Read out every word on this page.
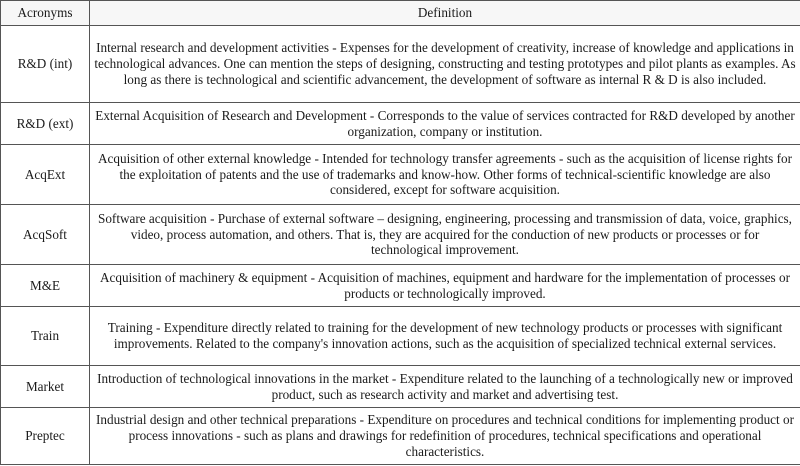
Acronyms	Definition
R&D (int)	Internal research and development activities - Expenses for the development of creativity, increase of knowledge and applications in technological advances. One can mention the steps of designing, constructing and testing prototypes and pilot plants as examples. As long as there is technological and scientific advancement, the development of software as internal R & D is also included.
R&D (ext)	External Acquisition of Research and Development - Corresponds to the value of services contracted for R&D developed by another organization, company or institution.
AcqExt	Acquisition of other external knowledge - Intended for technology transfer agreements - such as the acquisition of license rights for the exploitation of patents and the use of trademarks and know-how. Other forms of technical-scientific knowledge are also considered, except for software acquisition.
AcqSoft	Software acquisition - Purchase of external software – designing, engineering, processing and transmission of data, voice, graphics, video, process automation, and others. That is, they are acquired for the conduction of new products or processes or for technological improvement.
M&E	Acquisition of machinery & equipment - Acquisition of machines, equipment and hardware for the implementation of processes or products or technologically improved.
Train	Training - Expenditure directly related to training for the development of new technology products or processes with significant improvements. Related to the company's innovation actions, such as the acquisition of specialized technical external services.
Market	Introduction of technological innovations in the market - Expenditure related to the launching of a technologically new or improved product, such as research activity and market and advertising test.
Preptec	Industrial design and other technical preparations - Expenditure on procedures and technical conditions for implementing product or process innovations - such as plans and drawings for redefinition of procedures, technical specifications and operational characteristics.
